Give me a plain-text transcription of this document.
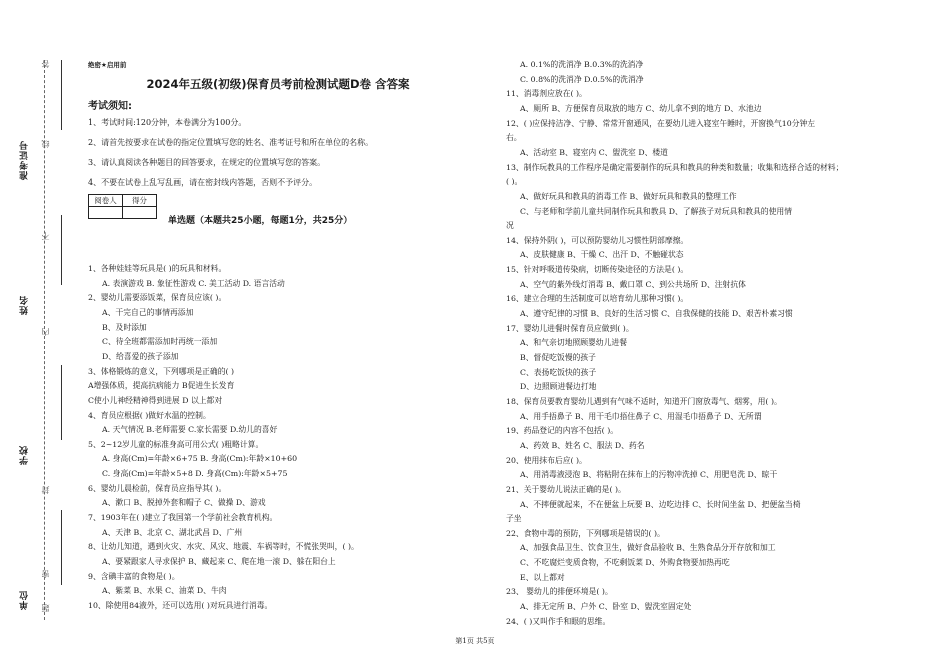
准考证号
姓名
学校
单位
密
不
内
封
题
线
答	绝密★启用前
2024年五级(初级)保育员考前检测试题D卷 含答案
考试须知:
1、考试时间:120分钟，本卷满分为100分。
2、请首先按要求在试卷的指定位置填写您的姓名、准考证号和所在单位的名称。
3、请认真阅读各种题目的回答要求，在规定的位置填写您的答案。
4、不要在试卷上乱写乱画，请在密封线内答题，否则不予评分。
阅卷人	得分

单选题（本题共25小题，每题1分，共25分）
1、各种娃娃等玩具是( )的玩具和材料。
A. 表演游戏 B. 象征性游戏 C. 美工活动 D. 语言活动
2、婴幼儿需要添饭菜，保育员应该( )。
A、干完自己的事情再添加
B、及时添加
C、待全班都需添加时再统一添加
D、给喜爱的孩子添加
3、体格锻炼的意义，下列哪项是正确的( )
A增强体质，提高抗病能力 B促进生长发育
C使小儿神经精神得到进展 D 以上都对
4、育员应根据( )做好水温的控制。
A. 天气情况 B.老师需要 C.家长需要 D.幼儿的喜好
5、2~12岁儿童的标准身高可用公式( )粗略计算。
A. 身高(Cm)=年龄×6+75 B. 身高(Cm):年龄×10+60
C. 身高(Cm)=年龄×5+8 D. 身高(Cm):年龄×5+75
6、婴幼儿晨检前，保育员应指导其( )。
A、漱口 B、脱掉外套和帽子 C、做操 D、游戏
7、1903年在( )建立了我国第一个学前社会教育机构。
A、天津 B、北京 C、湖北武昌 D、广州
8、让幼儿知道，遇到火灾、水灾、风灾、地震、车祸等时，不慌张哭叫，( )。
A、要紧跟家人寻求保护 B、藏起来 C、爬在地一滚 D、躲在阳台上
9、含碘丰富的食物是( )。
A、紫菜 B、水果 C、油菜 D、牛肉
10、除使用84液外，还可以选用( )对玩具进行消毒。
A. 0.1%的洗消净 B.0.3%的洗消净
C. 0.8%的洗消净 D.0.5%的洗消净
11、消毒剂应放在( )。
A、厕所 B、方便保育员取放的地方 C、幼儿拿不到的地方 D、水池边
12、( )应保持洁净、宁静、常常开窗通风，在要幼儿进入寝室午睡时，开窗换气10分钟左
右。
A、活动室 B、寝室内 C、盥洗室 D、楼道
13、制作玩教具的工作程序是确定需要制作的玩具和教具的种类和数量；收集和选择合适的材料；
( )。
A、做好玩具和教具的消毒工作 B、做好玩具和教具的整理工作
C、与老师和学前儿童共同制作玩具和教具 D、了解孩子对玩具和教具的使用情
况
14、保持外阴( )，可以预防婴幼儿习惯性阴部摩擦。
A、皮肤健康 B、干燥 C、出汗 D、不触碰状态
15、针对呼吸道传染病，切断传染途径的方法是( )。
A、空气的紫外线灯消毒 B、戴口罩 C、到公共场所 D、注射抗体
16、建立合理的生活制度可以培育幼儿那种习惯( )。
A、遵守纪律的习惯 B、良好的生活习惯 C、自我保健的技能 D、艰苦朴素习惯
17、婴幼儿进餐时保育员应做到( )。
A、和气亲切地照顾婴幼儿进餐
B、督促吃饭慢的孩子
C、表扬吃饭快的孩子
D、边照顾进餐边打地
18、保育员要教育婴幼儿遇到有气味不适时，知道开门窗放毒气、烟雾，用( )。
A、用手捂鼻子 B、用干毛巾捂住鼻子 C、用湿毛巾捂鼻子 D、无所谓
19、药品登记的内容不包括( )。
A、药效 B、姓名 C、服法 D、药名
20、使用抹布后应( )。
A、用消毒液浸泡 B、将粘附在抹布上的污物冲洗掉 C、用肥皂洗 D、晾干
21、关于婴幼儿说法正确的是( )。
A、不摔便就起来，不在便盆上玩要 B、边吃边排 C、长时间坐盆 D、把便盆当椅
子坐
22、食物中毒的预防，下列哪项是错误的( )。
A、加强食品卫生、饮食卫生，做好食品验收 B、生熟食品分开存放和加工
C、不吃腐烂变质食物，不吃剩饭菜 D、外购食物要加热再吃
E、以上都对
23、 婴幼儿的排便环境是( )。
A、排无定所 B、户外 C、卧室 D、盥洗室固定处
24、( )又叫作手和眼的思维。
第1页 共5页
